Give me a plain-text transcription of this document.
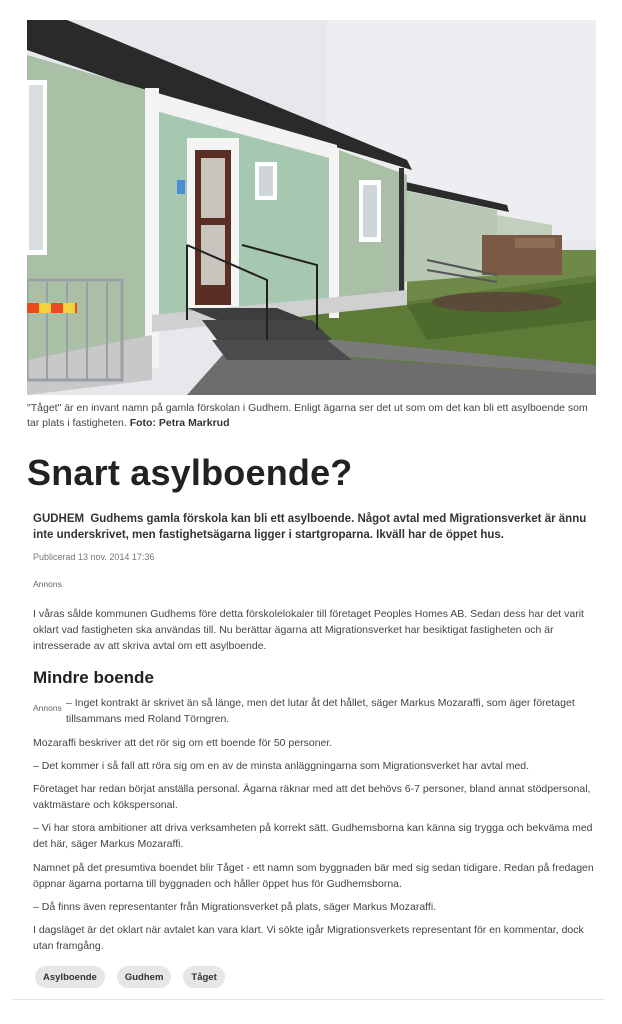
"Tåget" är en invant namn på gamla förskolan i Gudhem. Enligt ägarna ser det ut som om det kan bli ett asylboende som tar plats i fastigheten. Foto: Petra Markrud
Snart asylboende?

GUDHEM Gudhems gamla förskola kan bli ett asylboende. Något avtal med Migrationsverket är ännu inte underskrivet, men fastighetsägarna ligger i startgroparna. Ikväll har de öppet hus.

Publicerad 13 nov. 2014 17:36
Annons

I våras sålde kommunen Gudhems före detta förskolelokaler till företaget Peoples Homes AB. Sedan dess har det varit oklart vad fastigheten ska användas till. Nu berättar ägarna att Migrationsverket har besiktigat fastigheten och är intresserade av att skriva avtal om ett asylboende.

Mindre boende
Annons – Inget kontrakt är skrivet än så länge, men det lutar åt det hållet, säger Markus Mozaraffi, som äger företaget tillsammans med Roland Törngren.

Mozaraffi beskriver att det rör sig om ett boende för 50 personer.

– Det kommer i så fall att röra sig om en av de minsta anläggningarna som Migrationsverket har avtal med.

Företaget har redan börjat anställa personal. Ägarna räknar med att det behövs 6-7 personer, bland annat stödpersonal, vaktmästare och kökspersonal.

– Vi har stora ambitioner att driva verksamheten på korrekt sätt. Gudhemsborna kan känna sig trygga och bekväma med det här, säger Markus Mozaraffi.

Namnet på det presumtiva boendet blir Tåget - ett namn som byggnaden bär med sig sedan tidigare. Redan på fredagen öppnar ägarna portarna till byggnaden och håller öppet hus för Gudhemsborna.

– Då finns även representanter från Migrationsverket på plats, säger Markus Mozaraffi.

I dagsläget är det oklart när avtalet kan vara klart. Vi sökte igår Migrationsverkets representant för en kommentar, dock utan framgång.

Asylboende	Gudhem	Tåget
